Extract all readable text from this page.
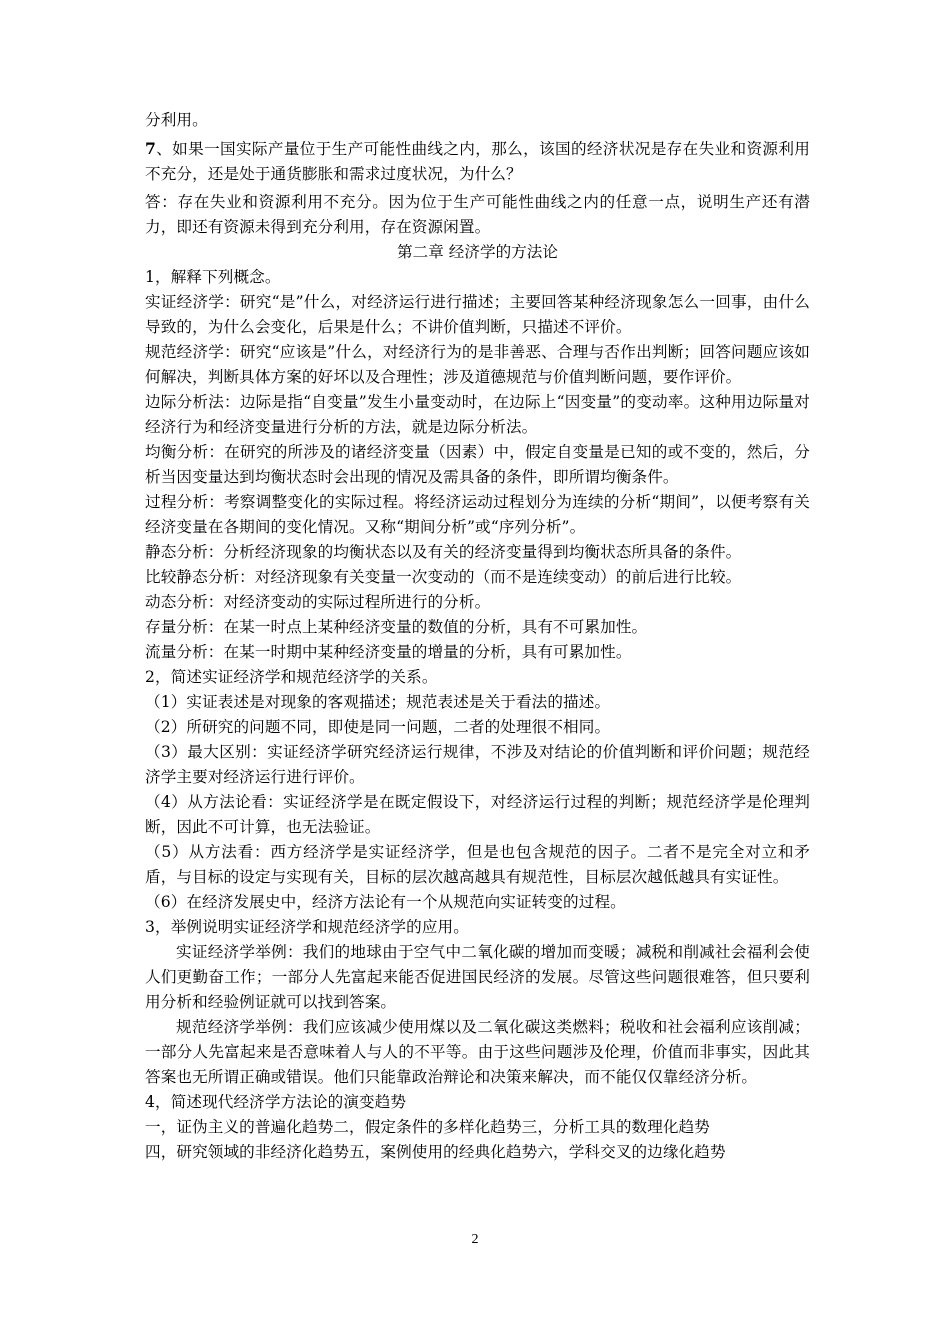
分利用。

7、如果一国实际产量位于生产可能性曲线之内，那么，该国的经济状况是存在失业和资源利用不充分，还是处于通货膨胀和需求过度状况，为什么？

答：存在失业和资源利用不充分。因为位于生产可能性曲线之内的任意一点，说明生产还有潜力，即还有资源未得到充分利用，存在资源闲置。

第二章 经济学的方法论

1，解释下列概念。

实证经济学：研究“是”什么，对经济运行进行描述；主要回答某种经济现象怎么一回事，由什么导致的，为什么会变化，后果是什么；不讲价值判断，只描述不评价。

规范经济学：研究“应该是”什么，对经济行为的是非善恶、合理与否作出判断；回答问题应该如何解决，判断具体方案的好坏以及合理性；涉及道德规范与价值判断问题，要作评价。

边际分析法：边际是指“自变量”发生小量变动时，在边际上“因变量”的变动率。这种用边际量对经济行为和经济变量进行分析的方法，就是边际分析法。

均衡分析：在研究的所涉及的诸经济变量（因素）中，假定自变量是已知的或不变的，然后，分析当因变量达到均衡状态时会出现的情况及需具备的条件，即所谓均衡条件。

过程分析：考察调整变化的实际过程。将经济运动过程划分为连续的分析“期间”，以便考察有关经济变量在各期间的变化情况。又称“期间分析”或“序列分析”。

静态分析：分析经济现象的均衡状态以及有关的经济变量得到均衡状态所具备的条件。

比较静态分析：对经济现象有关变量一次变动的（而不是连续变动）的前后进行比较。

动态分析：对经济变动的实际过程所进行的分析。

存量分析：在某一时点上某种经济变量的数值的分析，具有不可累加性。

流量分析：在某一时期中某种经济变量的增量的分析，具有可累加性。

2，简述实证经济学和规范经济学的关系。

（1）实证表述是对现象的客观描述；规范表述是关于看法的描述。

（2）所研究的问题不同，即使是同一问题，二者的处理很不相同。

（3）最大区别：实证经济学研究经济运行规律，不涉及对结论的价值判断和评价问题；规范经济学主要对经济运行进行评价。

（4）从方法论看：实证经济学是在既定假设下，对经济运行过程的判断；规范经济学是伦理判断，因此不可计算，也无法验证。

（5）从方法看：西方经济学是实证经济学，但是也包含规范的因子。二者不是完全对立和矛盾，与目标的设定与实现有关，目标的层次越高越具有规范性，目标层次越低越具有实证性。

（6）在经济发展史中，经济方法论有一个从规范向实证转变的过程。

3，举例说明实证经济学和规范经济学的应用。

实证经济学举例：我们的地球由于空气中二氧化碳的增加而变暖；减税和削减社会福利会使人们更勤奋工作；一部分人先富起来能否促进国民经济的发展。尽管这些问题很难答，但只要利用分析和经验例证就可以找到答案。

规范经济学举例：我们应该减少使用煤以及二氧化碳这类燃料；税收和社会福利应该削减；一部分人先富起来是否意味着人与人的不平等。由于这些问题涉及伦理，价值而非事实，因此其答案也无所谓正确或错误。他们只能靠政治辩论和决策来解决，而不能仅仅靠经济分析。

4，简述现代经济学方法论的演变趋势

一，证伪主义的普遍化趋势二，假定条件的多样化趋势三，分析工具的数理化趋势

四，研究领域的非经济化趋势五，案例使用的经典化趋势六，学科交叉的边缘化趋势

2
